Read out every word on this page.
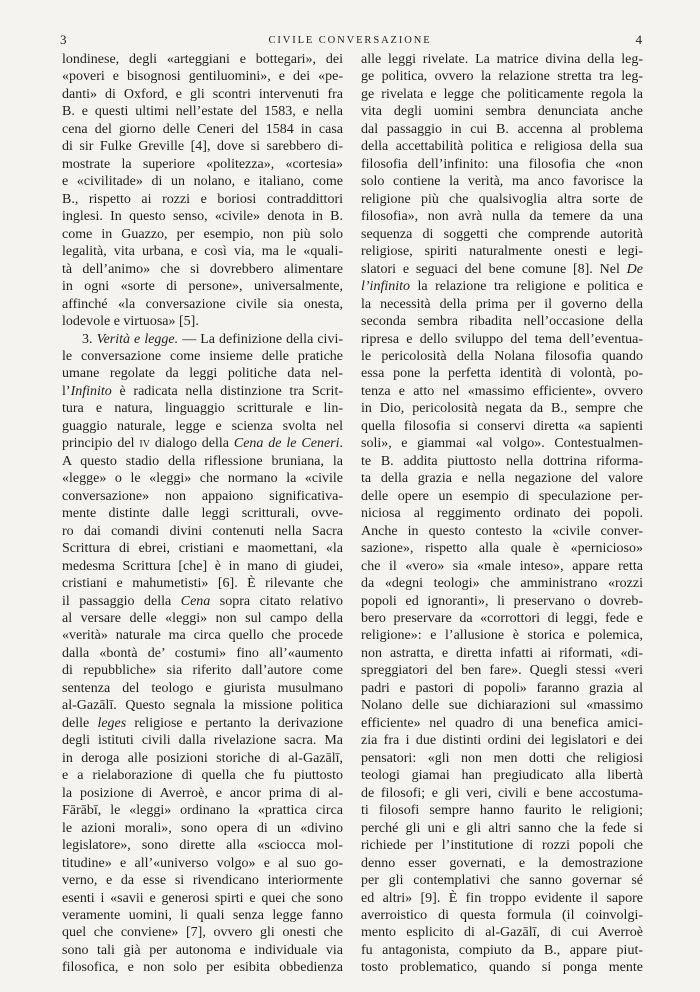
3	CIVILE CONVERSAZIONE	4
londinese, degli «arteggiani e bottegari», dei
«poveri e bisognosi gentiluomini», e dei «pe-
danti» di Oxford, e gli scontri intervenuti fra
B. e questi ultimi nell’estate del 1583, e nella
cena del giorno delle Ceneri del 1584 in casa
di sir Fulke Greville [4], dove si sarebbero di-
mostrate la superiore «politezza», «cortesia»
e «civilitade» di un nolano, e italiano, come
B., rispetto ai rozzi e boriosi contraddittori
inglesi. In questo senso, «civile» denota in B.
come in Guazzo, per esempio, non più solo
legalità, vita urbana, e così via, ma le «quali-
tà dell’animo» che si dovrebbero alimentare
in ogni «sorte di persone», universalmente,
affinché «la conversazione civile sia onesta,
lodevole e virtuosa» [5].
3. Verità e legge. — La definizione della civi-
le conversazione come insieme delle pratiche
umane regolate da leggi politiche data nel-
l’Infinito è radicata nella distinzione tra Scrit-
tura e natura, linguaggio scritturale e lin-
guaggio naturale, legge e scienza svolta nel
principio del iv dialogo della Cena de le Ceneri.
A questo stadio della riflessione bruniana, la
«legge» o le «leggi» che normano la «civile
conversazione» non appaiono significativa-
mente distinte dalle leggi scritturali, ovve-
ro dai comandi divini contenuti nella Sacra
Scrittura di ebrei, cristiani e maomettani, «la
medesma Scrittura [che] è in mano di giudei,
cristiani e mahumetisti» [6]. È rilevante che
il passaggio della Cena sopra citato relativo
al versare delle «leggi» non sul campo della
«verità» naturale ma circa quello che procede
dalla «bontà de’ costumi» fino all’«aumento
di repubbliche» sia riferito dall’autore come
sentenza del teologo e giurista musulmano
al-Gazālī. Questo segnala la missione politica
delle leges religiose e pertanto la derivazione
degli istituti civili dalla rivelazione sacra. Ma
in deroga alle posizioni storiche di al-Gazālī,
e a rielaborazione di quella che fu piuttosto
la posizione di Averroè, e ancor prima di al-
Fārābī, le «leggi» ordinano la «prattica circa
le azioni morali», sono opera di un «divino
legislatore», sono dirette alla «sciocca mol-
titudine» e all’«universo volgo» e al suo go-
verno, e da esse si rivendicano interiormente
esenti i «savii e generosi spirti e quei che sono
veramente uomini, li quali senza legge fanno
quel che conviene» [7], ovvero gli onesti che
sono tali già per autonoma e individuale via
filosofica, e non solo per esibita obbedienza
alle leggi rivelate. La matrice divina della leg-
ge politica, ovvero la relazione stretta tra leg-
ge rivelata e legge che politicamente regola la
vita degli uomini sembra denunciata anche
dal passaggio in cui B. accenna al problema
della accettabilità politica e religiosa della sua
filosofia dell’infinito: una filosofia che «non
solo contiene la verità, ma anco favorisce la
religione più che qualsivoglia altra sorte de
filosofia», non avrà nulla da temere da una
sequenza di soggetti che comprende autorità
religiose, spiriti naturalmente onesti e legi-
slatori e seguaci del bene comune [8]. Nel De
l’infinito la relazione tra religione e politica e
la necessità della prima per il governo della
seconda sembra ribadita nell’occasione della
ripresa e dello sviluppo del tema dell’eventua-
le pericolosità della Nolana filosofia quando
essa pone la perfetta identità di volontà, po-
tenza e atto nel «massimo efficiente», ovvero
in Dio, pericolosità negata da B., sempre che
quella filosofia si conservi diretta «a sapienti
soli», e giammai «al volgo». Contestualmen-
te B. addita piuttosto nella dottrina riforma-
ta della grazia e nella negazione del valore
delle opere un esempio di speculazione per-
niciosa al reggimento ordinato dei popoli.
Anche in questo contesto la «civile conver-
sazione», rispetto alla quale è «pernicioso»
che il «vero» sia «male inteso», appare retta
da «degni teologi» che amministrano «rozzi
popoli ed ignoranti», li preservano o dovreb-
bero preservare da «corrottori di leggi, fede e
religione»: e l’allusione è storica e polemica,
non astratta, e diretta infatti ai riformati, «di-
spreggiatori del ben fare». Quegli stessi «veri
padri e pastori di popoli» faranno grazia al
Nolano delle sue dichiarazioni sul «massimo
efficiente» nel quadro di una benefica amici-
zia fra i due distinti ordini dei legislatori e dei
pensatori: «gli non men dotti che religiosi
teologi giamai han pregiudicato alla libertà
de filosofi; e gli veri, civili e bene accostuma-
ti filosofi sempre hanno faurito le religioni;
perché gli uni e gli altri sanno che la fede si
richiede per l’institutione di rozzi popoli che
denno esser governati, e la demostrazione
per gli contemplativi che sanno governar sé
ed altri» [9]. È fin troppo evidente il sapore
averroistico di questa formula (il coinvolgi-
mento esplicito di al-Gazālī, di cui Averroè
fu antagonista, compiuto da B., appare piut-
tosto problematico, quando si ponga mente
